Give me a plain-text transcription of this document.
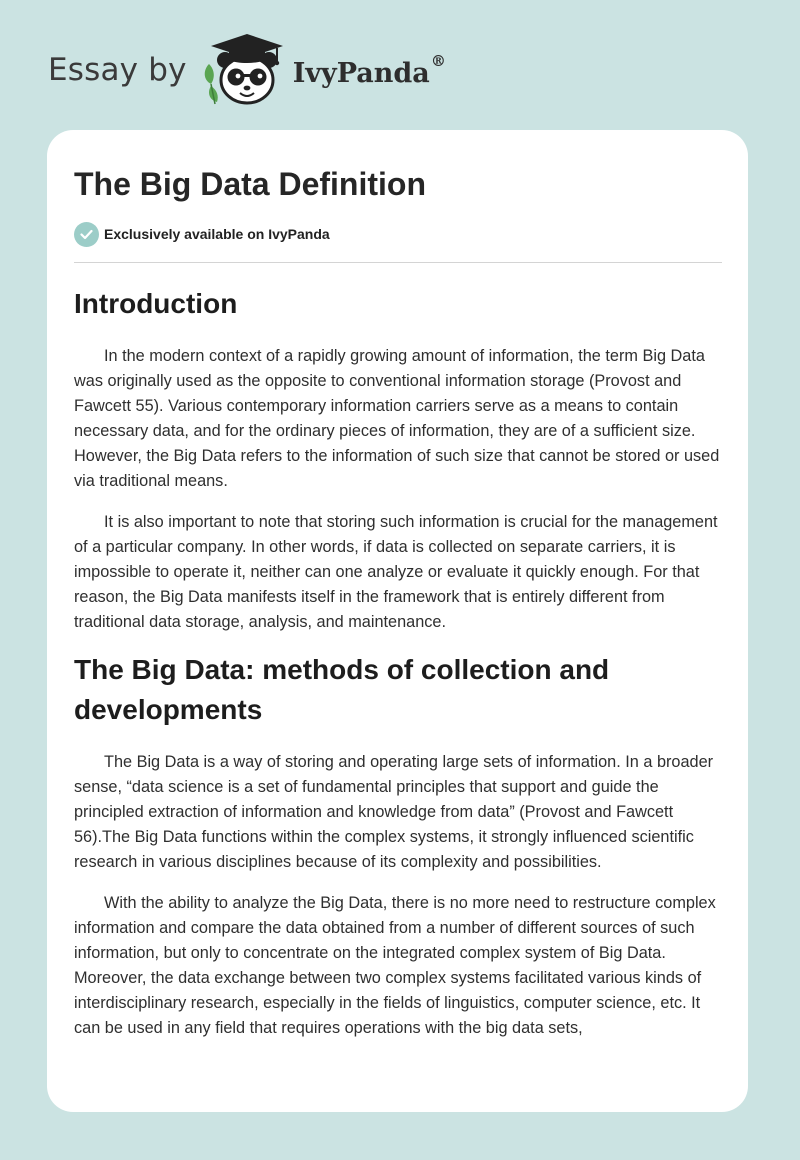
Essay by	IvyPanda®
The Big Data Definition
Exclusively available on IvyPanda
Introduction

In the modern context of a rapidly growing amount of information, the term Big Data was originally used as the opposite to conventional information storage (Provost and Fawcett 55). Various contemporary information carriers serve as a means to contain necessary data, and for the ordinary pieces of information, they are of a sufficient size. However, the Big Data refers to the information of such size that cannot be stored or used via traditional means.

It is also important to note that storing such information is crucial for the management of a particular company. In other words, if data is collected on separate carriers, it is impossible to operate it, neither can one analyze or evaluate it quickly enough. For that reason, the Big Data manifests itself in the framework that is entirely different from traditional data storage, analysis, and maintenance.

The Big Data: methods of collection and developments

The Big Data is a way of storing and operating large sets of information. In a broader sense, “data science is a set of fundamental principles that support and guide the principled extraction of information and knowledge from data” (Provost and Fawcett 56).The Big Data functions within the complex systems, it strongly influenced scientific research in various disciplines because of its complexity and possibilities.

With the ability to analyze the Big Data, there is no more need to restructure complex information and compare the data obtained from a number of different sources of such information, but only to concentrate on the integrated complex system of Big Data. Moreover, the data exchange between two complex systems facilitated various kinds of interdisciplinary research, especially in the fields of linguistics, computer science, etc. It can be used in any field that requires operations with the big data sets,
